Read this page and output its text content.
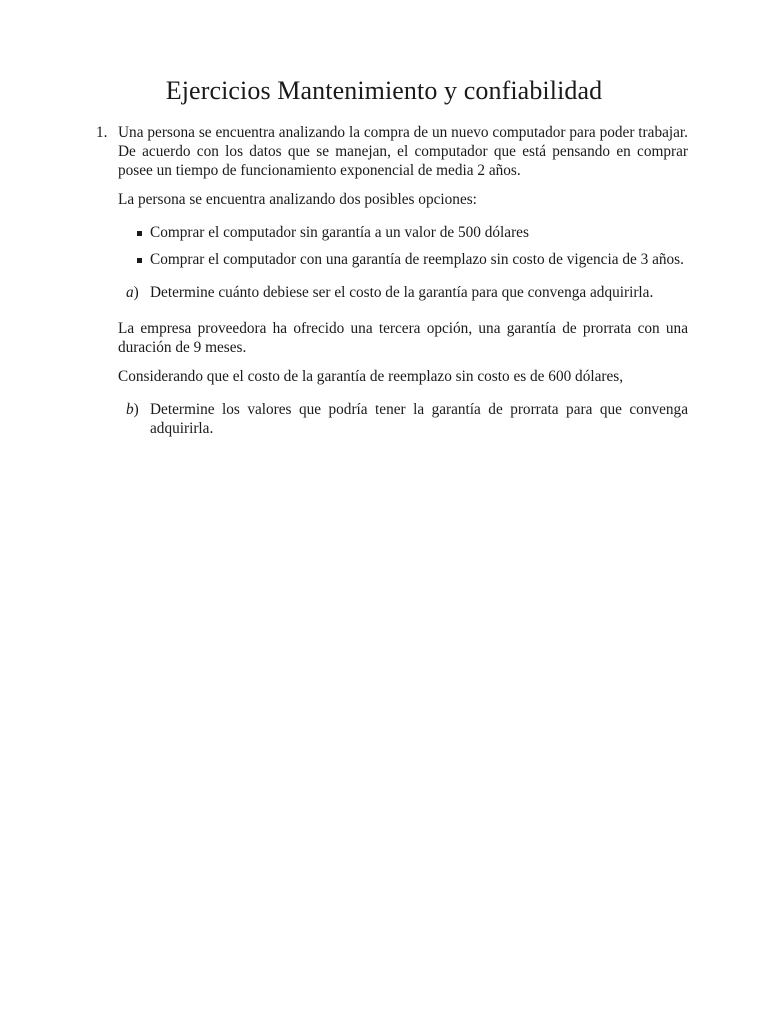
Ejercicios Mantenimiento y confiabilidad
1. Una persona se encuentra analizando la compra de un nuevo computador para poder trabajar. De acuerdo con los datos que se manejan, el computador que está pensando en comprar posee un tiempo de funcionamiento exponencial de media 2 años.

La persona se encuentra analizando dos posibles opciones:

Comprar el computador sin garantía a un valor de 500 dólares
Comprar el computador con una garantía de reemplazo sin costo de vigencia de 3 años.
a) Determine cuánto debiese ser el costo de la garantía para que convenga adquirirla.

La empresa proveedora ha ofrecido una tercera opción, una garantía de prorrata con una duración de 9 meses.

Considerando que el costo de la garantía de reemplazo sin costo es de 600 dólares,

b) Determine los valores que podría tener la garantía de prorrata para que convenga adquirirla.
